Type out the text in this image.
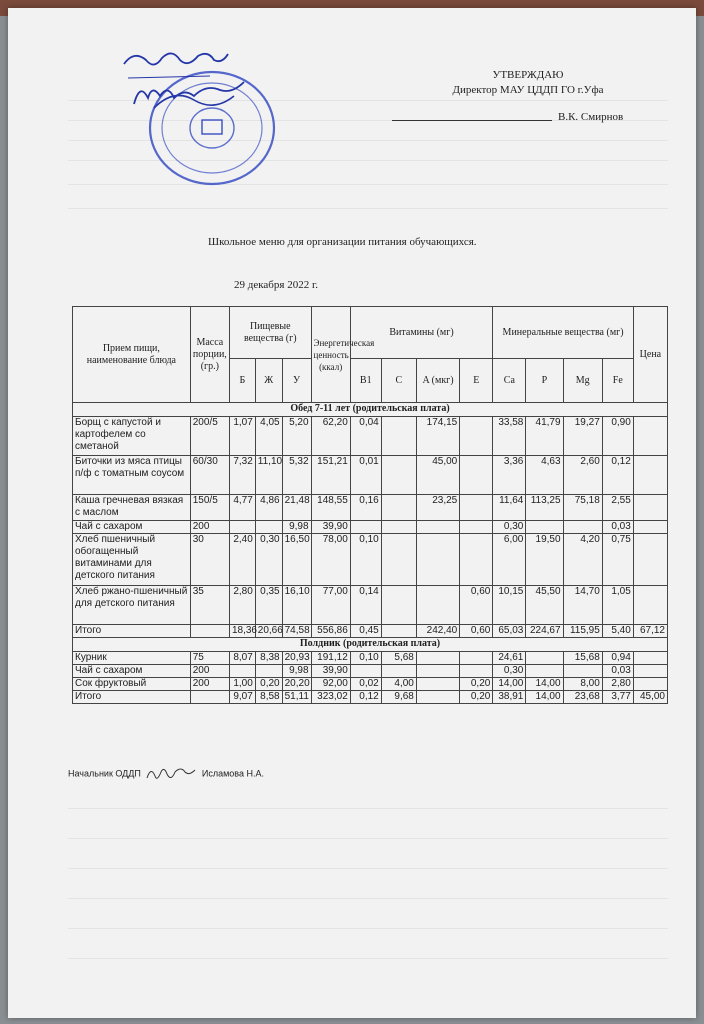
УТВЕРЖДАЮ
Директор МАУ ЦДДП ГО г.Уфа
В.К. Смирнов
Школьное меню для организации питания обучающихся.
29 декабря 2022 г.
Прием пищи, наименование блюда	Масса порции, (гр.)	Пищевые вещества (г)			Энергетическая ценность (ккал)	Витамины (мг)				Минеральные вещества (мг)				Цена
		Б	Ж	У		B1	C	A (мкг)	E	Ca	P	Mg	Fe	
Обед 7-11 лет (родительская плата)														
Борщ с капустой и картофелем со сметаной	200/5	1,07	4,05	5,20	62,20	0,04		174,15		33,58	41,79	19,27	0,90	
Биточки из мяса птицы п/ф с томатным соусом	60/30	7,32	11,10	5,32	151,21	0,01		45,00		3,36	4,63	2,60	0,12	
Каша гречневая вязкая с маслом	150/5	4,77	4,86	21,48	148,55	0,16		23,25		11,64	113,25	75,18	2,55	
Чай с сахаром	200			9,98	39,90					0,30			0,03	
Хлеб пшеничный обогащенный витаминами для детского питания	30	2,40	0,30	16,50	78,00	0,10				6,00	19,50	4,20	0,75	
Хлеб ржано-пшеничный для детского питания	35	2,80	0,35	16,10	77,00	0,14			0,60	10,15	45,50	14,70	1,05	
Итого		18,36	20,66	74,58	556,86	0,45		242,40	0,60	65,03	224,67	115,95	5,40	67,12
Полдник (родительская плата)														
Курник	75	8,07	8,38	20,93	191,12	0,10	5,68			24,61		15,68	0,94	
Чай с сахаром	200			9,98	39,90					0,30			0,03	
Сок фруктовый	200	1,00	0,20	20,20	92,00	0,02	4,00		0,20	14,00	14,00	8,00	2,80	
Итого		9,07	8,58	51,11	323,02	0,12	9,68		0,20	38,91	14,00	23,68	3,77	45,00
Начальник ОДДП	Исламова Н.А.
